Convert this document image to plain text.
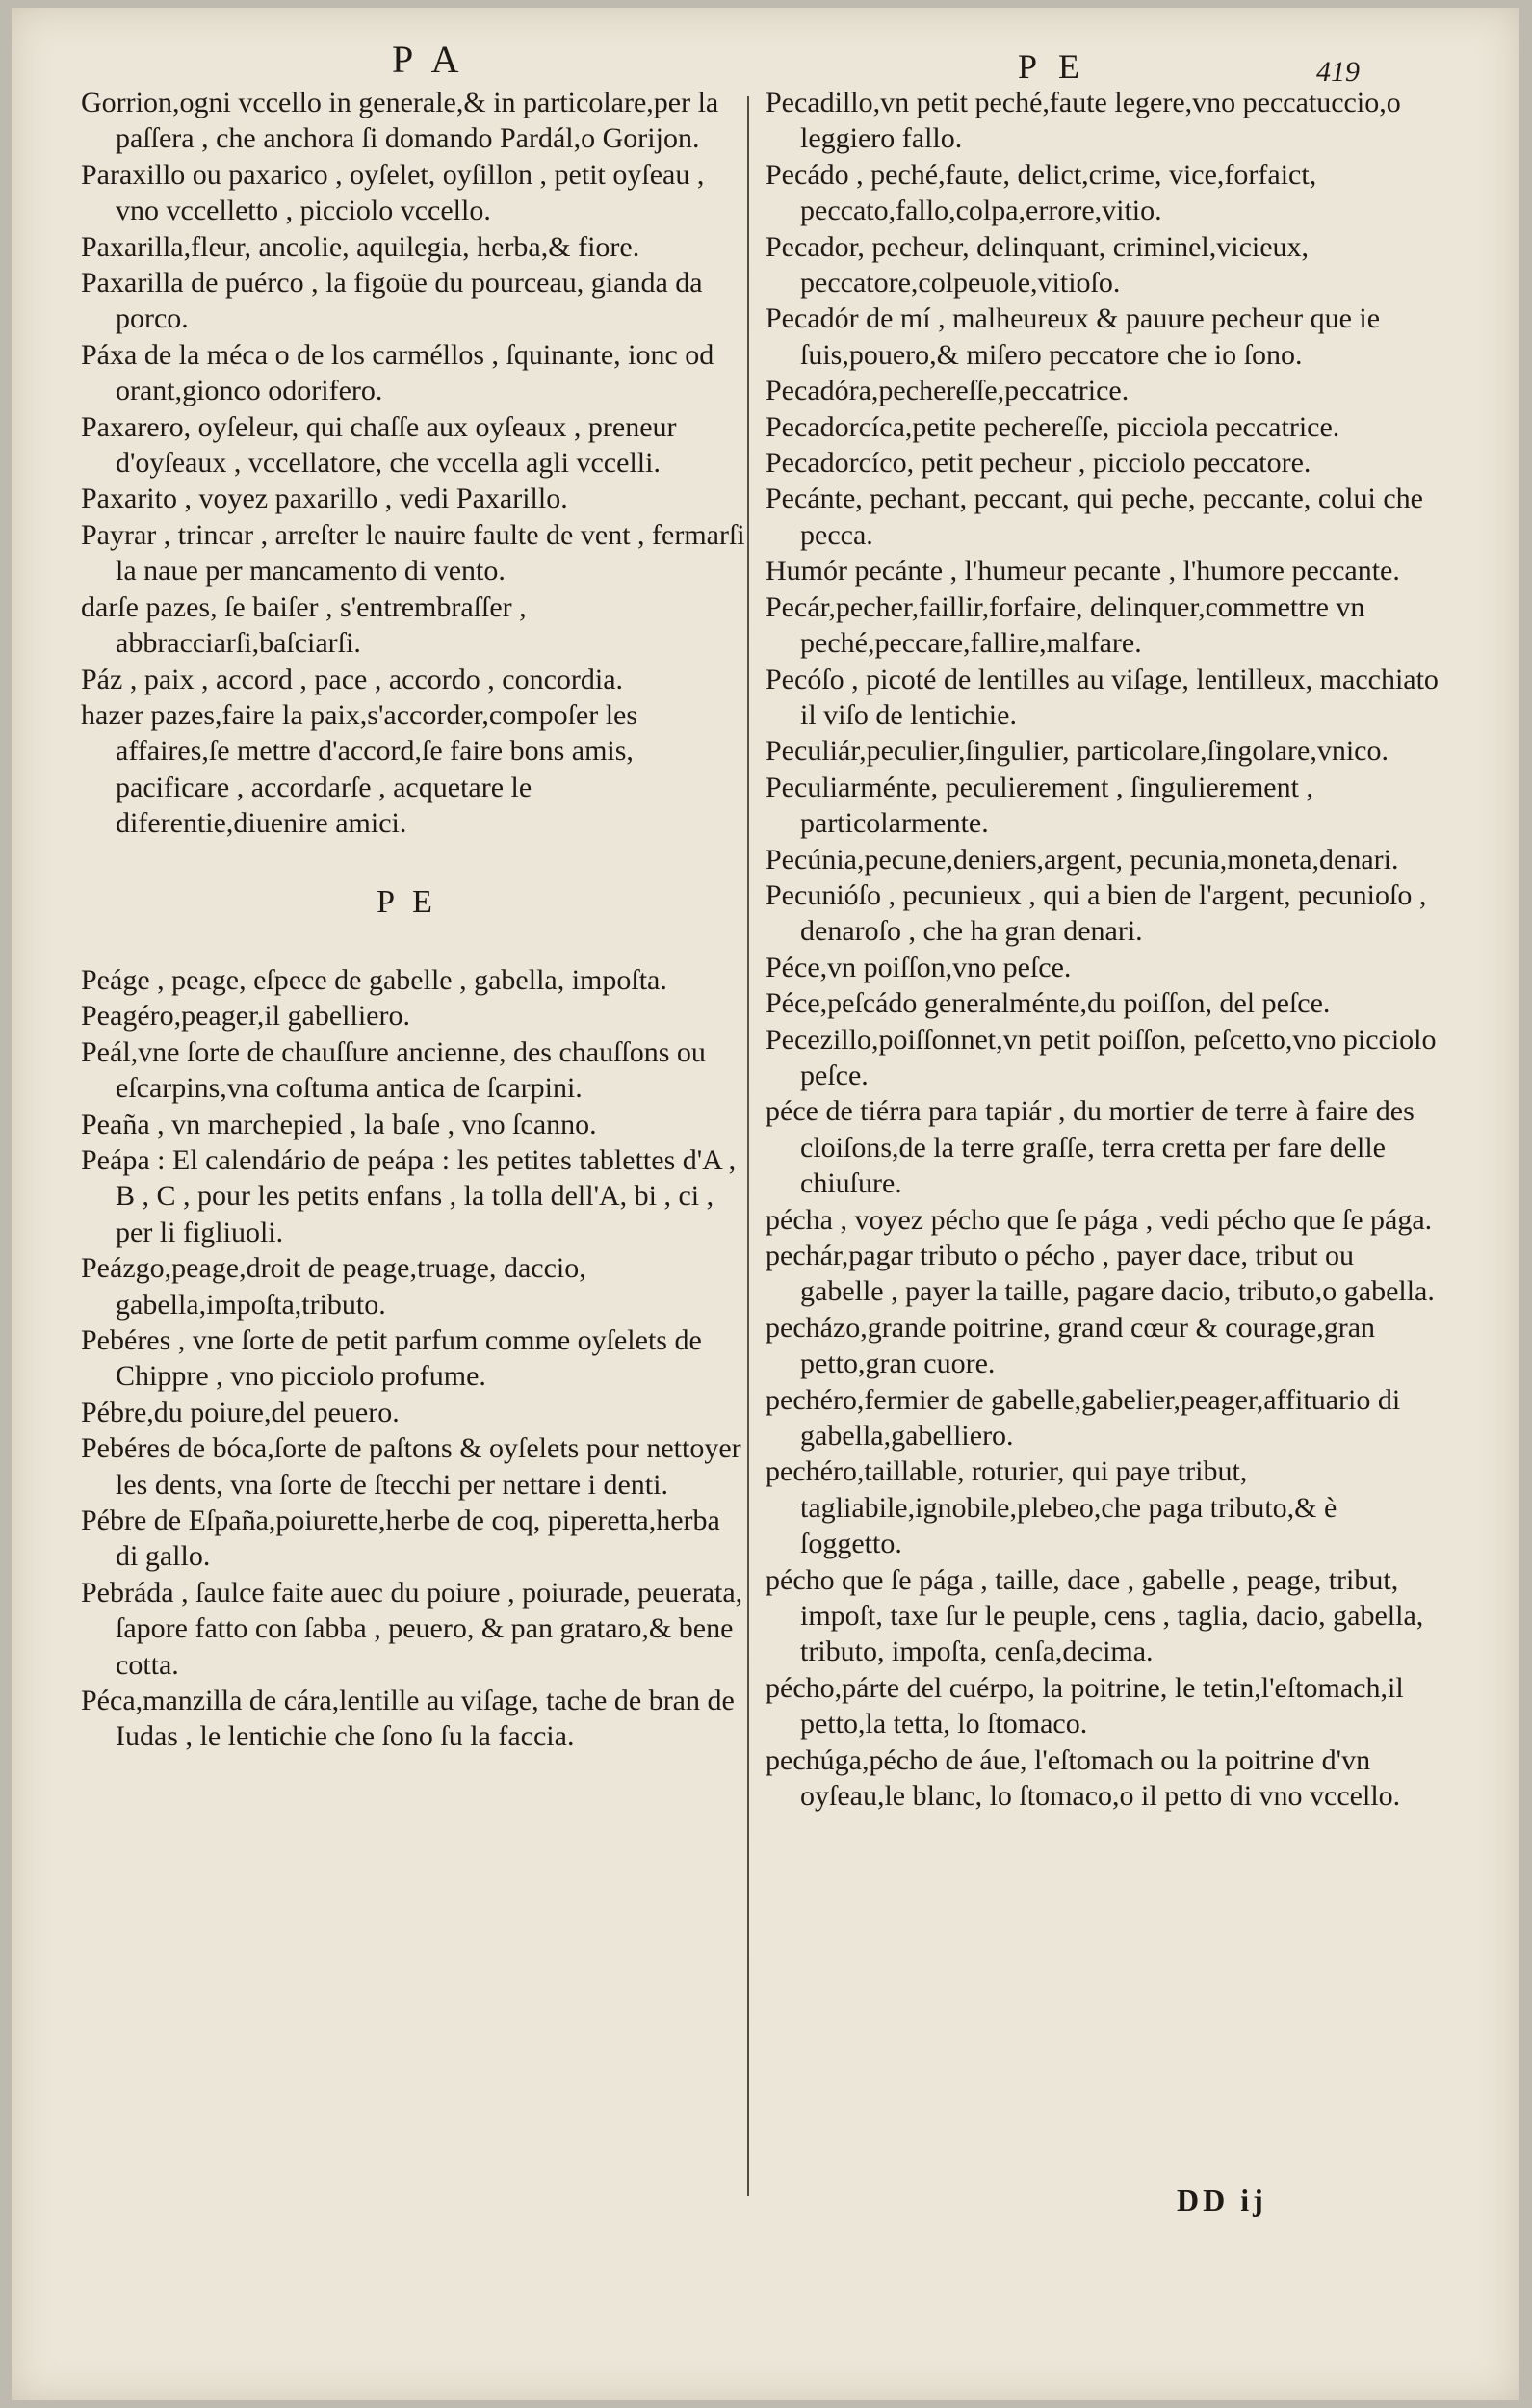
PA	PE	419

Gorrion,ogni vccello in generale,& in particolare,per la paſſera , che anchora ſi domando Pardál,o Gorijon.

Paraxillo ou paxarico , oyſelet, oyſillon , petit oyſeau , vno vccelletto , picciolo vccello.

Paxarilla,fleur, ancolie, aquilegia, herba,& fiore.

Paxarilla de puérco , la figoüe du pourceau, gianda da porco.

Páxa de la méca o de los carméllos , ſquinante, ionc od orant,gionco odorifero.

Paxarero, oyſeleur, qui chaſſe aux oyſeaux , preneur d'oyſeaux , vccellatore, che vccella agli vccelli.

Paxarito , voyez paxarillo , vedi Paxarillo.

Payrar , trincar , arreſter le nauire faulte de vent , fermarſi la naue per mancamento di vento.

darſe pazes, ſe baiſer , s'entrembraſſer , abbracciarſi,baſciarſi.

Páz , paix , accord , pace , accordo , concordia.

hazer pazes,faire la paix,s'accorder,compoſer les affaires,ſe mettre d'accord,ſe faire bons amis, pacificare , accordarſe , acquetare le diferentie,diuenire amici.

PE

Peáge , peage, eſpece de gabelle , gabella, impoſta.

Peagéro,peager,il gabelliero.

Peál,vne ſorte de chauſſure ancienne, des chauſſons ou eſcarpins,vna coſtuma antica de ſcarpini.

Peaña , vn marchepied , la baſe , vno ſcanno.

Peápa : El calendário de peápa : les petites tablettes d'A , B , C , pour les petits enfans , la tolla dell'A, bi , ci , per li figliuoli.

Peázgo,peage,droit de peage,truage, daccio, gabella,impoſta,tributo.

Pebéres , vne ſorte de petit parfum comme oyſelets de Chippre , vno picciolo profume.

Pébre,du poiure,del peuero.

Pebéres de bóca,ſorte de paſtons & oyſelets pour nettoyer les dents, vna ſorte de ſtecchi per nettare i denti.

Pébre de Eſpaña,poiurette,herbe de coq, piperetta,herba di gallo.

Pebráda , ſaulce faite auec du poiure , poiurade, peuerata, ſapore fatto con ſabba , peuero, & pan grataro,& bene cotta.

Péca,manzilla de cára,lentille au viſage, tache de bran de Iudas , le lentichie che ſono ſu la faccia.

Pecadillo,vn petit peché,faute legere,vno peccatuccio,o leggiero fallo.

Pecádo , peché,faute, delict,crime, vice,forfaict, peccato,fallo,colpa,errore,vitio.

Pecador, pecheur, delinquant, criminel,vicieux, peccatore,colpeuole,vitioſo.

Pecadór de mí , malheureux & pauure pecheur que ie ſuis,pouero,& miſero peccatore che io ſono.

Pecadóra,pechereſſe,peccatrice.

Pecadorcíca,petite pechereſſe, picciola peccatrice.

Pecadorcíco, petit pecheur , picciolo peccatore.

Pecánte, pechant, peccant, qui peche, peccante, colui che pecca.

Humór pecánte , l'humeur pecante , l'humore peccante.

Pecár,pecher,faillir,forfaire, delinquer,commettre vn peché,peccare,fallire,malfare.

Pecóſo , picoté de lentilles au viſage, lentilleux, macchiato il viſo de lentichie.

Peculiár,peculier,ſingulier, particolare,ſingolare,vnico.

Peculiarménte, peculierement , ſingulierement , particolarmente.

Pecúnia,pecune,deniers,argent, pecunia,moneta,denari.

Pecunióſo , pecunieux , qui a bien de l'argent, pecunioſo , denaroſo , che ha gran denari.

Péce,vn poiſſon,vno peſce.

Péce,peſcádo generalménte,du poiſſon, del peſce.

Pecezillo,poiſſonnet,vn petit poiſſon, peſcetto,vno picciolo peſce.

péce de tiérra para tapiár , du mortier de terre à faire des cloiſons,de la terre graſſe, terra cretta per fare delle chiuſure.

pécha , voyez pécho que ſe pága , vedi pécho que ſe pága.

pechár,pagar tributo o pécho , payer dace, tribut ou gabelle , payer la taille, pagare dacio, tributo,o gabella.

pecházo,grande poitrine, grand cœur & courage,gran petto,gran cuore.

pechéro,fermier de gabelle,gabelier,peager,affituario di gabella,gabelliero.

pechéro,taillable, roturier, qui paye tribut, tagliabile,ignobile,plebeo,che paga tributo,& è ſoggetto.

pécho que ſe pága , taille, dace , gabelle , peage, tribut, impoſt, taxe ſur le peuple, cens , taglia, dacio, gabella, tributo, impoſta, cenſa,decima.

pécho,párte del cuérpo, la poitrine, le tetin,l'eſtomach,il petto,la tetta, lo ſtomaco.

pechúga,pécho de áue, l'eſtomach ou la poitrine d'vn oyſeau,le blanc, lo ſtomaco,o il petto di vno vccello.

DD ij
